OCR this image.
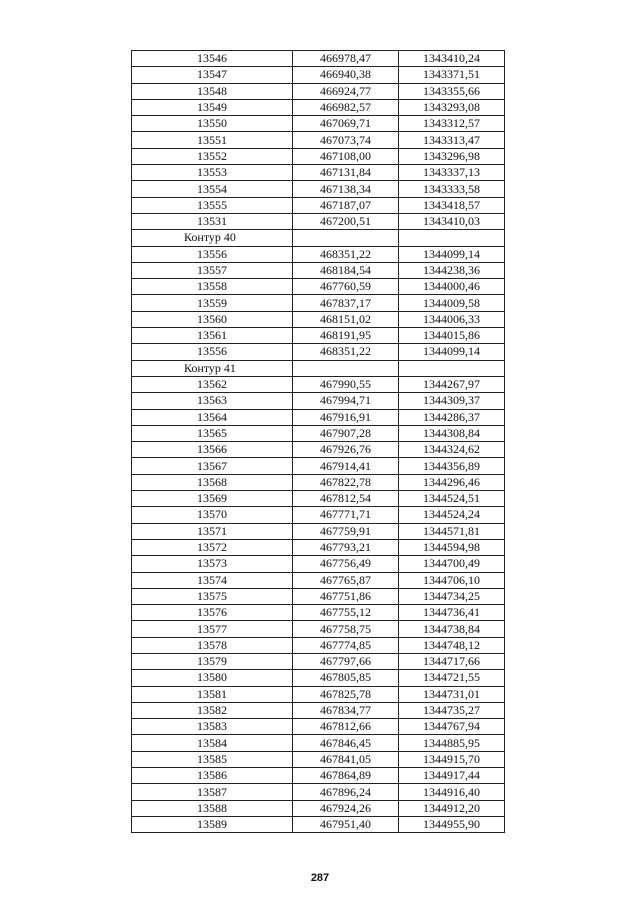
13546	466978,47	1343410,24
13547	466940,38	1343371,51
13548	466924,77	1343355,66
13549	466982,57	1343293,08
13550	467069,71	1343312,57
13551	467073,74	1343313,47
13552	467108,00	1343296,98
13553	467131,84	1343337,13
13554	467138,34	1343333,58
13555	467187,07	1343418,57
13531	467200,51	1343410,03
Контур 40		
13556	468351,22	1344099,14
13557	468184,54	1344238,36
13558	467760,59	1344000,46
13559	467837,17	1344009,58
13560	468151,02	1344006,33
13561	468191,95	1344015,86
13556	468351,22	1344099,14
Контур 41		
13562	467990,55	1344267,97
13563	467994,71	1344309,37
13564	467916,91	1344286,37
13565	467907,28	1344308,84
13566	467926,76	1344324,62
13567	467914,41	1344356,89
13568	467822,78	1344296,46
13569	467812,54	1344524,51
13570	467771,71	1344524,24
13571	467759,91	1344571,81
13572	467793,21	1344594,98
13573	467756,49	1344700,49
13574	467765,87	1344706,10
13575	467751,86	1344734,25
13576	467755,12	1344736,41
13577	467758,75	1344738,84
13578	467774,85	1344748,12
13579	467797,66	1344717,66
13580	467805,85	1344721,55
13581	467825,78	1344731,01
13582	467834,77	1344735,27
13583	467812,66	1344767,94
13584	467846,45	1344885,95
13585	467841,05	1344915,70
13586	467864,89	1344917,44
13587	467896,24	1344916,40
13588	467924,26	1344912,20
13589	467951,40	1344955,90
287
